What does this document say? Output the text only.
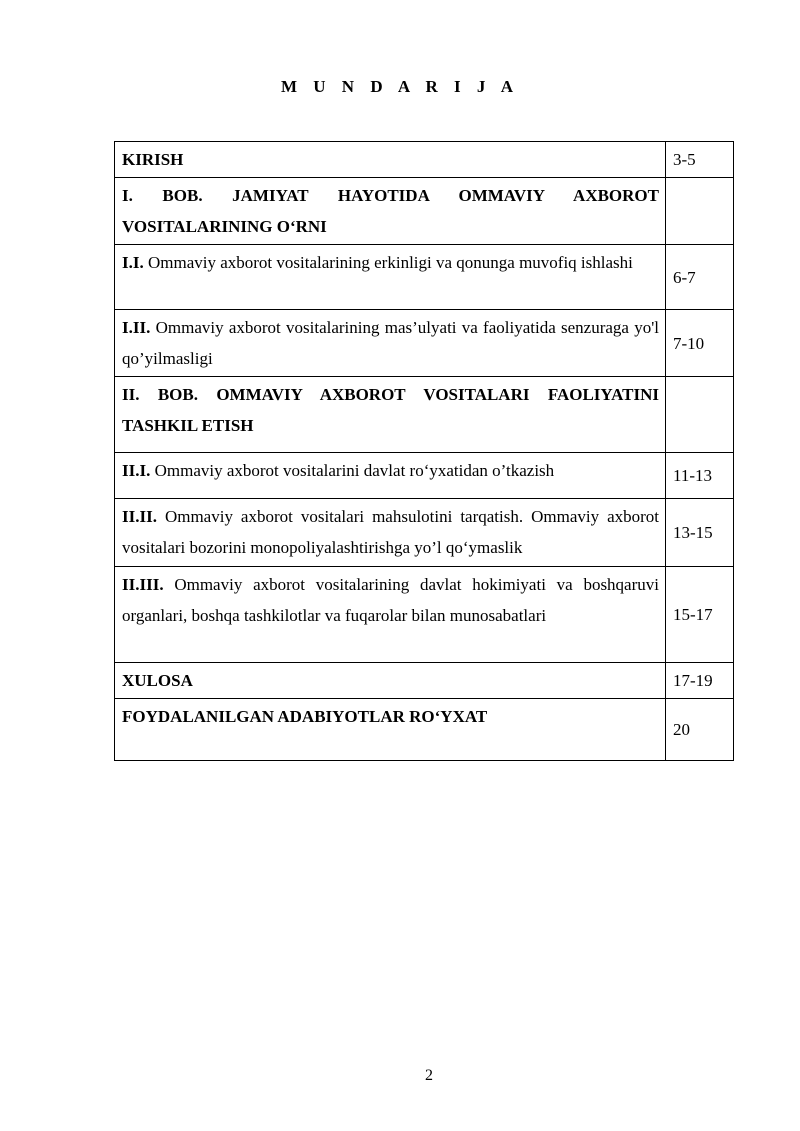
M U N D A R I J A
KIRISH	3-5
I. BOB. JAMIYAT HAYOTIDA OMMAVIY AXBOROT VOSITALARINING O‘RNI	
I.I. Ommaviy axborot vositalarining erkinligi va qonunga muvofiq ishlashi	6-7
I.II. Ommaviy axborot vositalarining mas’ulyati va faoliyatida senzuraga yo'l qo’yilmasligi	7-10
II. BOB. OMMAVIY AXBOROT VOSITALARI FAOLIYATINI TASHKIL ETISH	
II.I. Ommaviy axborot vositalarini davlat ro‘yxatidan o’tkazish	11-13
II.II. Ommaviy axborot vositalari mahsulotini tarqatish. Ommaviy axborot vositalari bozorini monopoliyalashtirishga yo’l qo‘ymaslik	13-15
II.III. Ommaviy axborot vositalarining davlat hokimiyati va boshqaruvi organlari, boshqa tashkilotlar va fuqarolar bilan munosabatlari	15-17
XULOSA	17-19
FOYDALANILGAN ADABIYOTLAR RO‘YXAT	20
2
